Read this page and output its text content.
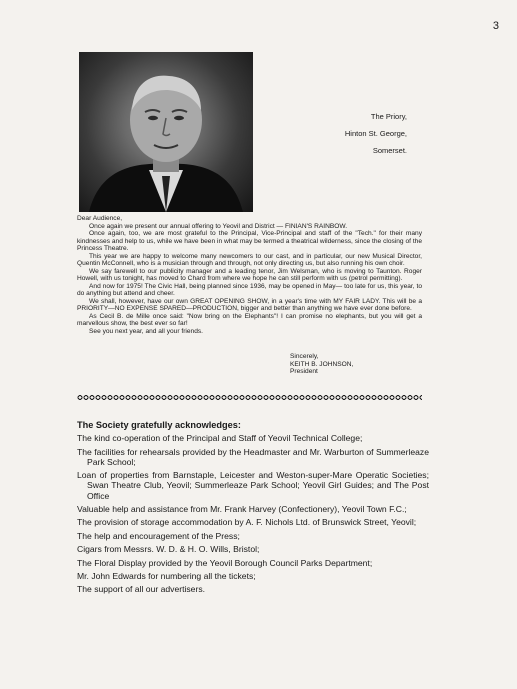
3
The Priory,
Hinton St. George,
Somerset.

Dear Audience,

Once again we present our annual offering to Yeovil and District — FINIAN'S RAINBOW.

Once again, too, we are most grateful to the Principal, Vice-Principal and staff of the "Tech." for their many kindnesses and help to us, while we have been in what may be termed a theatrical wilderness, since the closing of the Princess Theatre.

This year we are happy to welcome many newcomers to our cast, and in particular, our new Musical Director, Quentin McConnell, who is a musician through and through, not only directing us, but also running his own choir.

We say farewell to our publicity manager and a leading tenor, Jim Welsman, who is moving to Taunton. Roger Howell, with us tonight, has moved to Chard from where we hope he can still perform with us (petrol permitting).

And now for 1975! The Civic Hall, being planned since 1936, may be opened in May— too late for us, this year, to do anything but attend and cheer.

We shall, however, have our own GREAT OPENING SHOW, in a year's time with MY FAIR LADY. This will be a PRIORITY—NO EXPENSE SPARED—PRODUCTION, bigger and better than anything we have ever done before.

As Cecil B. de Mille once said: "Now bring on the Elephants"! I can promise no elephants, but you will get a marvellous show, the best ever so far!

See you next year, and all your friends.

Sincerely,
KEITH B. JOHNSON,
President
The Society gratefully acknowledges:
The kind co-operation of the Principal and Staff of Yeovil Technical College;
The facilities for rehearsals provided by the Headmaster and Mr. Warburton of Summerleaze Park School;
Loan of properties from Barnstaple, Leicester and Weston-super-Mare Operatic Societies; Swan Theatre Club, Yeovil; Summerleaze Park School; Yeovil Girl Guides; and The Post Office
Valuable help and assistance from Mr. Frank Harvey (Confectionery), Yeovil Town F.C.;
The provision of storage accommodation by A. F. Nichols Ltd. of Brunswick Street, Yeovil;
The help and encouragement of the Press;
Cigars from Messrs. W. D. & H. O. Wills, Bristol;
The Floral Display provided by the Yeovil Borough Council Parks Department;
Mr. John Edwards for numbering all the tickets;
The support of all our advertisers.
